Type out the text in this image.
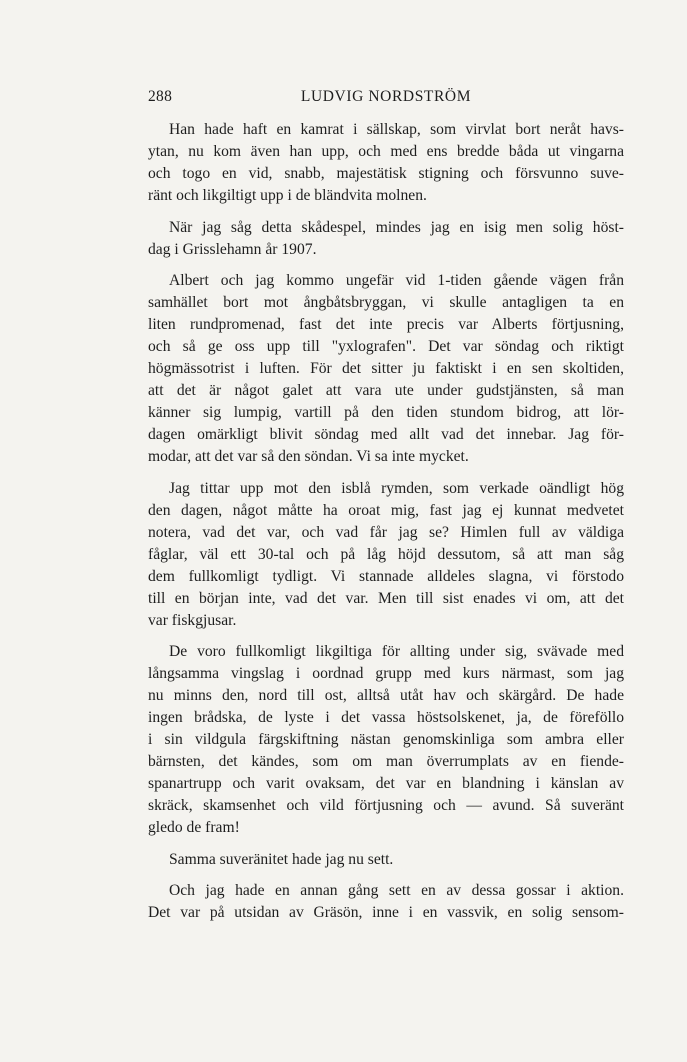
288	LUDVIG NORDSTRÖM
Han hade haft en kamrat i sällskap, som virvlat bort neråt havs-
ytan, nu kom även han upp, och med ens bredde båda ut vingarna
och togo en vid, snabb, majestätisk stigning och försvunno suve-
ränt och likgiltigt upp i de bländvita molnen.
När jag såg detta skådespel, mindes jag en isig men solig höst-
dag i Grisslehamn år 1907.
Albert och jag kommo ungefär vid 1-tiden gående vägen från
samhället bort mot ångbåtsbryggan, vi skulle antagligen ta en
liten rundpromenad, fast det inte precis var Alberts förtjusning,
och så ge oss upp till "yxlografen". Det var söndag och riktigt
högmässotrist i luften. För det sitter ju faktiskt i en sen skoltiden,
att det är något galet att vara ute under gudstjänsten, så man
känner sig lumpig, vartill på den tiden stundom bidrog, att lör-
dagen omärkligt blivit söndag med allt vad det innebar. Jag för-
modar, att det var så den söndan. Vi sa inte mycket.
Jag tittar upp mot den isblå rymden, som verkade oändligt hög
den dagen, något måtte ha oroat mig, fast jag ej kunnat medvetet
notera, vad det var, och vad får jag se? Himlen full av väldiga
fåglar, väl ett 30-tal och på låg höjd dessutom, så att man såg
dem fullkomligt tydligt. Vi stannade alldeles slagna, vi förstodo
till en början inte, vad det var. Men till sist enades vi om, att det
var fiskgjusar.
De voro fullkomligt likgiltiga för allting under sig, svävade med
långsamma vingslag i oordnad grupp med kurs närmast, som jag
nu minns den, nord till ost, alltså utåt hav och skärgård. De hade
ingen brådska, de lyste i det vassa höstsolskenet, ja, de föreföllo
i sin vildgula färgskiftning nästan genomskinliga som ambra eller
bärnsten, det kändes, som om man överrumplats av en fiende-
spanartrupp och varit ovaksam, det var en blandning i känslan av
skräck, skamsenhet och vild förtjusning och — avund. Så suveränt
gledo de fram!
Samma suveränitet hade jag nu sett.
Och jag hade en annan gång sett en av dessa gossar i aktion.
Det var på utsidan av Gräsön, inne i en vassvik, en solig sensom-
